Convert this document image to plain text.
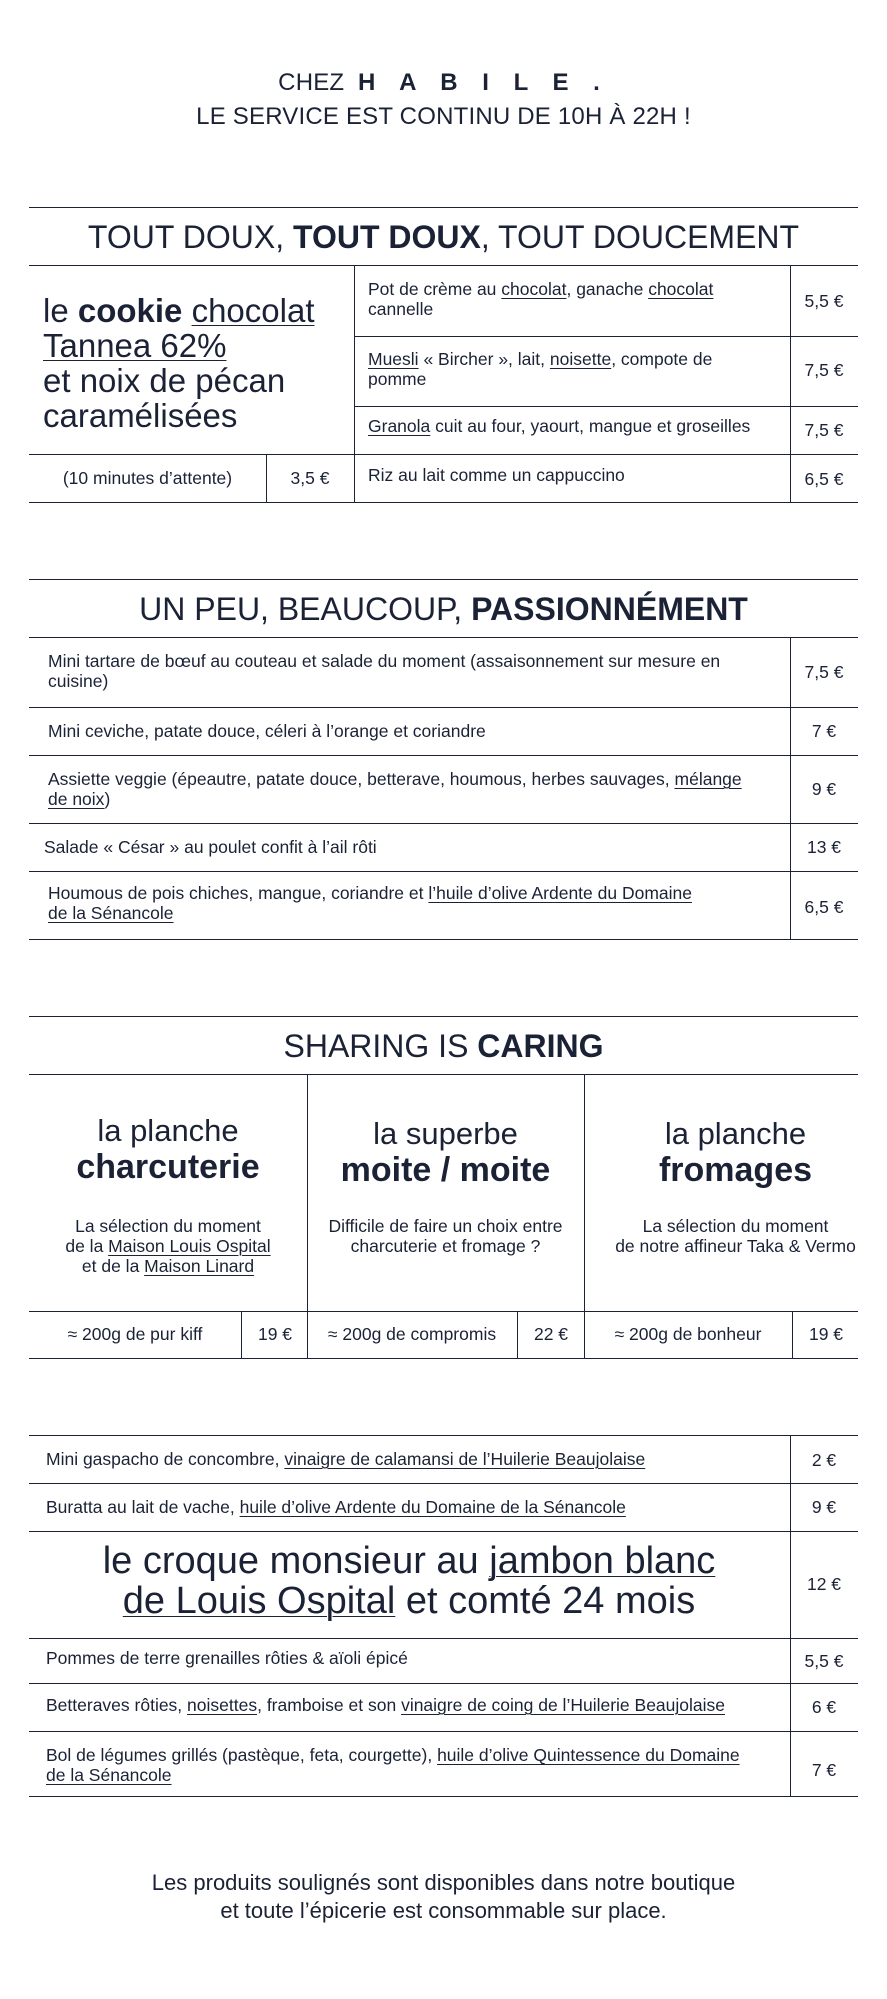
CHEZ H A B I L E .
LE SERVICE EST CONTINU DE 10H À 22H !
TOUT DOUX, TOUT DOUX, TOUT DOUCEMENT
le cookie chocolat
Tannea 62%
et noix de pécan
caramélisées
(10 minutes d’attente)	3,5 €
Pot de crème au chocolat, ganache chocolat
cannelle	5,5 €
Muesli « Bircher », lait, noisette, compote de
pomme	7,5 €
Granola cuit au four, yaourt, mangue et groseilles	7,5 €
Riz au lait comme un cappuccino	6,5 €
UN PEU, BEAUCOUP, PASSIONNÉMENT
Mini tartare de bœuf au couteau et salade du moment (assaisonnement sur mesure en
cuisine)	7,5 €
Mini ceviche, patate douce, céleri à l’orange et coriandre	7 €
Assiette veggie (épeautre, patate douce, betterave, houmous, herbes sauvages, mélange
de noix)	9 €
Salade « César » au poulet confit à l’ail rôti	13 €
Houmous de pois chiches, mangue, coriandre et l’huile d’olive Ardente du Domaine
de la Sénancole	6,5 €
SHARING IS CARING
la planche
charcuterie
La sélection du moment
de la Maison Louis Ospital
et de la Maison Linard
la superbe
moite / moite
Difficile de faire un choix entre
charcuterie et fromage ?
la planche
fromages
La sélection du moment
de notre affineur Taka & Vermo
≈ 200g de pur kiff	19 €	≈ 200g de compromis	22 €	≈ 200g de bonheur	19 €
Mini gaspacho de concombre, vinaigre de calamansi de l’Huilerie Beaujolaise	2 €
Buratta au lait de vache, huile d’olive Ardente du Domaine de la Sénancole	9 €
le croque monsieur au jambon blanc
de Louis Ospital et comté 24 mois	12 €
Pommes de terre grenailles rôties & aïoli épicé	5,5 €
Betteraves rôties, noisettes, framboise et son vinaigre de coing de l’Huilerie Beaujolaise	6 €
Bol de légumes grillés (pastèque, feta, courgette), huile d’olive Quintessence du Domaine
de la Sénancole	7 €
Les produits soulignés sont disponibles dans notre boutique
et toute l’épicerie est consommable sur place.
